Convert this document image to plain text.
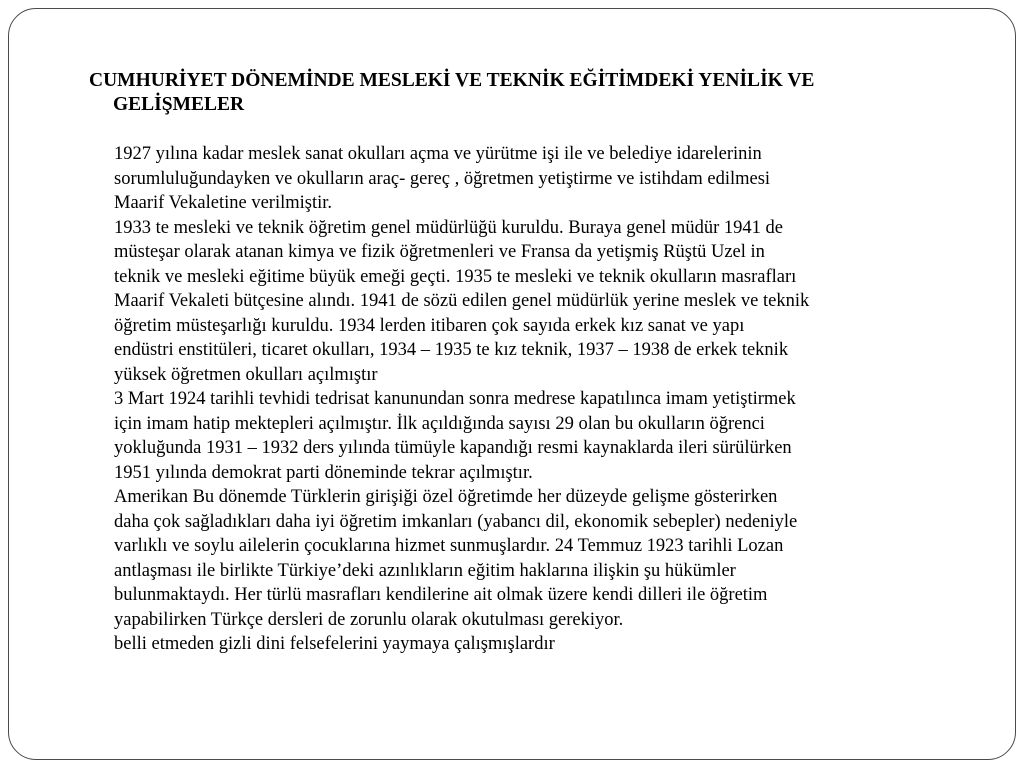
CUMHURİYET DÖNEMİNDE MESLEKİ VE TEKNİK EĞİTİMDEKİ YENİLİK VE
GELİŞMELER

1927 yılına kadar meslek sanat okulları açma ve yürütme işi ile ve belediye idarelerinin

sorumluluğundayken ve okulların araç- gereç , öğretmen yetiştirme ve istihdam edilmesi

Maarif Vekaletine verilmiştir.

1933 te mesleki ve teknik öğretim genel müdürlüğü kuruldu. Buraya genel müdür 1941 de

müsteşar olarak atanan kimya ve fizik öğretmenleri ve Fransa da yetişmiş Rüştü Uzel in

teknik ve mesleki eğitime büyük emeği geçti. 1935 te mesleki ve teknik okulların masrafları

Maarif Vekaleti bütçesine alındı. 1941 de sözü edilen genel müdürlük yerine meslek ve teknik

öğretim müsteşarlığı kuruldu. 1934 lerden itibaren çok sayıda erkek kız sanat ve yapı

endüstri enstitüleri, ticaret okulları, 1934 – 1935 te kız teknik, 1937 – 1938 de erkek teknik

yüksek öğretmen okulları açılmıştır

3 Mart 1924 tarihli tevhidi tedrisat kanunundan sonra medrese kapatılınca imam yetiştirmek

için imam hatip mektepleri açılmıştır. İlk açıldığında sayısı 29 olan bu okulların öğrenci

yokluğunda 1931 – 1932 ders yılında tümüyle kapandığı resmi kaynaklarda ileri sürülürken

1951 yılında demokrat parti döneminde tekrar açılmıştır.

Amerikan Bu dönemde Türklerin girişiği özel öğretimde her düzeyde gelişme gösterirken

daha çok sağladıkları daha iyi öğretim imkanları (yabancı dil, ekonomik sebepler) nedeniyle

varlıklı ve soylu ailelerin çocuklarına hizmet sunmuşlardır. 24 Temmuz 1923 tarihli Lozan

antlaşması ile birlikte Türkiye’deki azınlıkların eğitim haklarına ilişkin şu hükümler

bulunmaktaydı. Her türlü masrafları kendilerine ait olmak üzere kendi dilleri ile öğretim

yapabilirken Türkçe dersleri de zorunlu olarak okutulması gerekiyor.

belli etmeden gizli dini felsefelerini yaymaya çalışmışlardır
